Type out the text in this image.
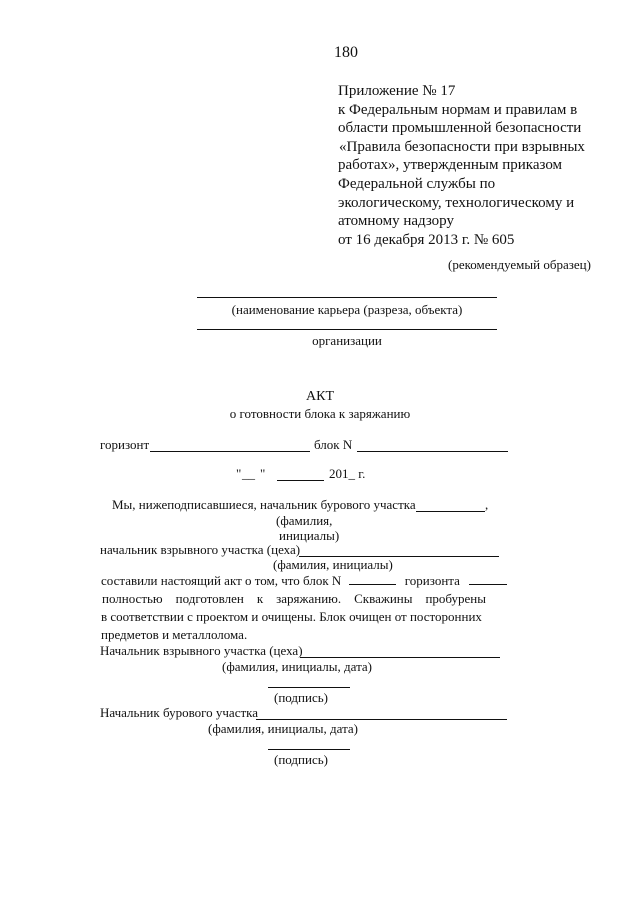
180
Приложение № 17
к Федеральным нормам и правилам в
области промышленной безопасности
«Правила безопасности при взрывных
работах», утвержденным приказом
Федеральной службы по
экологическому, технологическому и
атомному надзору
от 16 декабря 2013 г. № 605
(рекомендуемый образец)
(наименование карьера (разреза, объекта)
организации
АКТ
о готовности блока к заряжанию
горизонт	блок N
" __ "	201_ г.
Мы, нижеподписавшиеся, начальник бурового участка	,
(фамилия,
инициалы)
начальник взрывного участка (цеха)
(фамилия, инициалы)
составили настоящий акт о том, что блок N	горизонта
полностью подготовлен к заряжанию. Скважины пробурены
в соответствии с проектом и очищены. Блок очищен от посторонних
предметов и металлолома.
Начальник взрывного участка (цеха)
(фамилия, инициалы, дата)
(подпись)
Начальник бурового участка
(фамилия, инициалы, дата)
(подпись)
